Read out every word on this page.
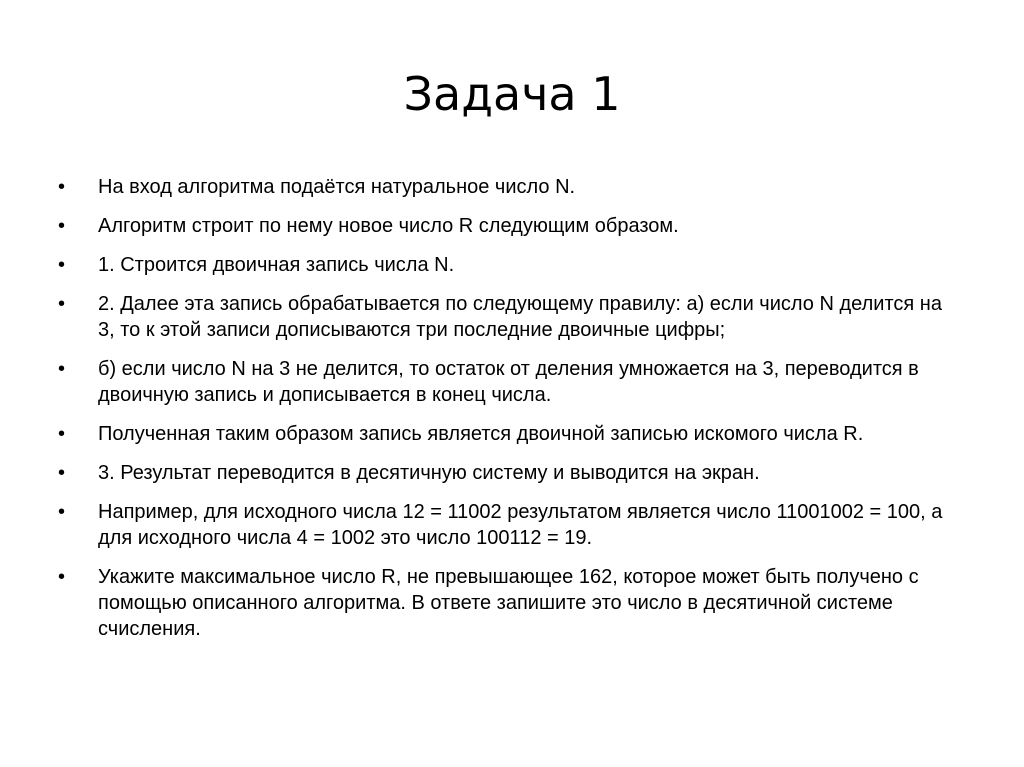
Задача 1
•	На вход алгоритма подаётся натуральное число N.
•	Алгоритм строит по нему новое число R следующим образом.
•	1. Строится двоичная запись числа N.
•	2. Далее эта запись обрабатывается по следующему правилу: а) если число N делится на 3, то к этой записи дописываются три последние двоичные цифры;
•	б) если число N на 3 не делится, то остаток от деления умножается на 3, переводится в двоичную запись и дописывается в конец числа.
•	Полученная таким образом запись является двоичной записью искомого числа R.
•	3. Результат переводится в десятичную систему и выводится на экран.
•	Например, для исходного числа 12 = 11002 результатом является число 11001002 = 100, а для исходного числа 4 = 1002 это число 100112 = 19.
•	Укажите максимальное число R, не превышающее 162, которое может быть получено с помощью описанного алгоритма. В ответе запишите это число в десятичной системе счисления.
